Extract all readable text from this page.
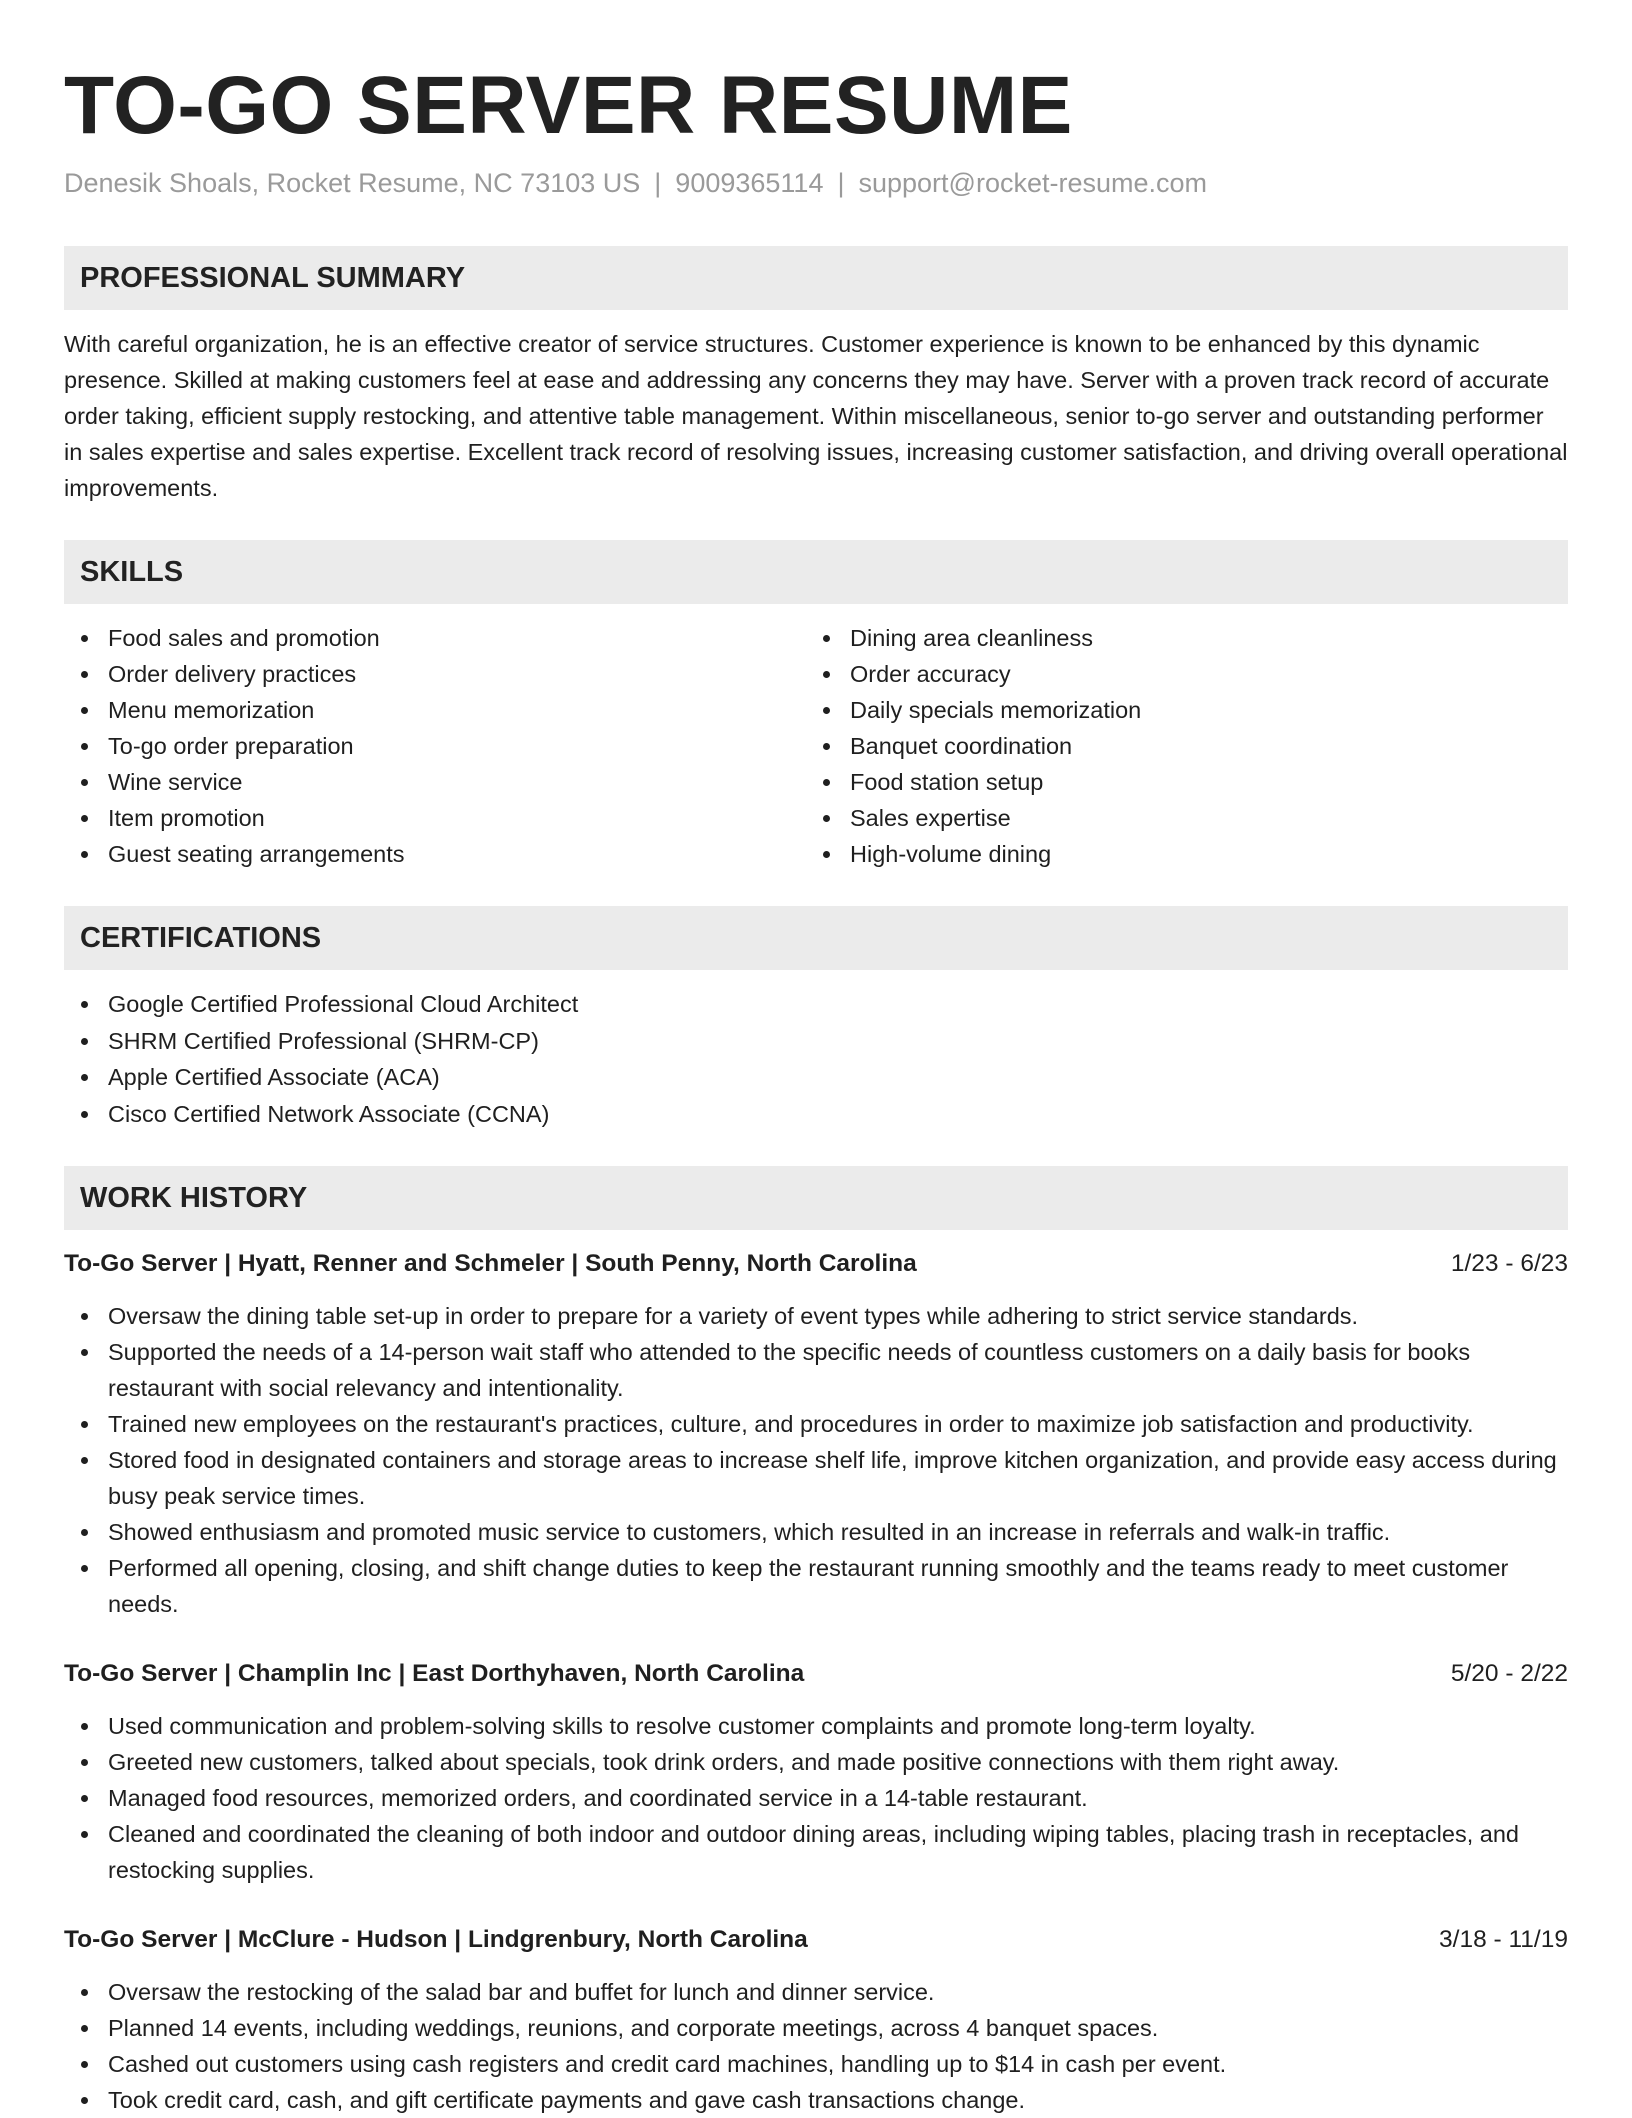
TO-GO SERVER RESUME
Denesik Shoals, Rocket Resume, NC 73103 US | 9009365114 | support@rocket-resume.com
PROFESSIONAL SUMMARY

With careful organization, he is an effective creator of service structures. Customer experience is known to be enhanced by this dynamic presence. Skilled at making customers feel at ease and addressing any concerns they may have. Server with a proven track record of accurate order taking, efficient supply restocking, and attentive table management. Within miscellaneous, senior to-go server and outstanding performer in sales expertise and sales expertise. Excellent track record of resolving issues, increasing customer satisfaction, and driving overall operational improvements.

SKILLS
Food sales and promotion
Order delivery practices
Menu memorization
To-go order preparation
Wine service
Item promotion
Guest seating arrangements
Dining area cleanliness
Order accuracy
Daily specials memorization
Banquet coordination
Food station setup
Sales expertise
High-volume dining
CERTIFICATIONS
Google Certified Professional Cloud Architect
SHRM Certified Professional (SHRM-CP)
Apple Certified Associate (ACA)
Cisco Certified Network Associate (CCNA)
WORK HISTORY
To-Go Server | Hyatt, Renner and Schmeler | South Penny, North Carolina	1/23 - 6/23
Oversaw the dining table set-up in order to prepare for a variety of event types while adhering to strict service standards.
Supported the needs of a 14-person wait staff who attended to the specific needs of countless customers on a daily basis for books restaurant with social relevancy and intentionality.
Trained new employees on the restaurant's practices, culture, and procedures in order to maximize job satisfaction and productivity.
Stored food in designated containers and storage areas to increase shelf life, improve kitchen organization, and provide easy access during busy peak service times.
Showed enthusiasm and promoted music service to customers, which resulted in an increase in referrals and walk-in traffic.
Performed all opening, closing, and shift change duties to keep the restaurant running smoothly and the teams ready to meet customer needs.
To-Go Server | Champlin Inc | East Dorthyhaven, North Carolina	5/20 - 2/22
Used communication and problem-solving skills to resolve customer complaints and promote long-term loyalty.
Greeted new customers, talked about specials, took drink orders, and made positive connections with them right away.
Managed food resources, memorized orders, and coordinated service in a 14-table restaurant.
Cleaned and coordinated the cleaning of both indoor and outdoor dining areas, including wiping tables, placing trash in receptacles, and restocking supplies.
To-Go Server | McClure - Hudson | Lindgrenbury, North Carolina	3/18 - 11/19
Oversaw the restocking of the salad bar and buffet for lunch and dinner service.
Planned 14 events, including weddings, reunions, and corporate meetings, across 4 banquet spaces.
Cashed out customers using cash registers and credit card machines, handling up to $14 in cash per event.
Took credit card, cash, and gift certificate payments and gave cash transactions change.
